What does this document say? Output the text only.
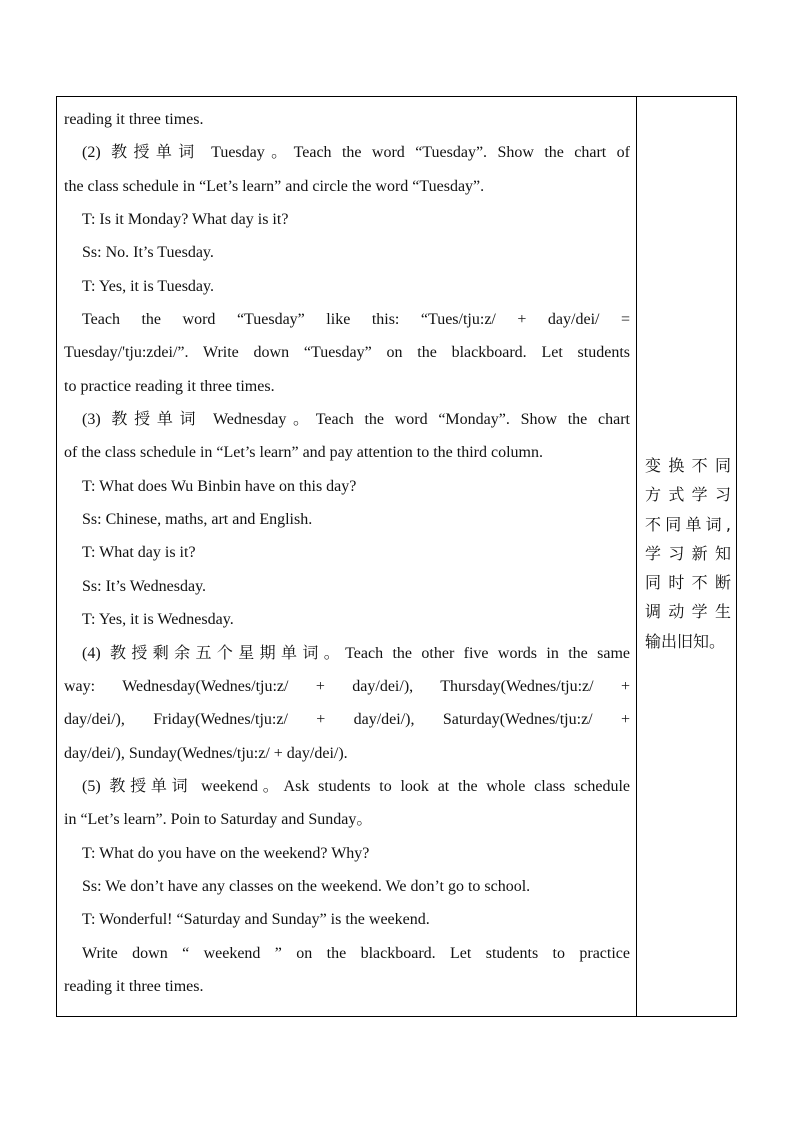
reading it three times.
(2) 教授单词 Tuesday。Teach the word “Tuesday”. Show the chart of
the class schedule in “Let’s learn” and circle the word “Tuesday”.
T: Is it Monday? What day is it?
Ss: No. It’s Tuesday.
T: Yes, it is Tuesday.
Teach the word “Tuesday” like this: “Tues/tju:z/ + day/dei/ =
Tuesday/'tju:zdei/”. Write down “Tuesday” on the blackboard. Let students
to practice reading it three times.
(3) 教授单词 Wednesday。Teach the word “Monday”. Show the chart
of the class schedule in “Let’s learn” and pay attention to the third column.
T: What does Wu Binbin have on this day?
Ss: Chinese, maths, art and English.
T: What day is it?
Ss: It’s Wednesday.
T: Yes, it is Wednesday.
(4) 教授剩余五个星期单词。Teach the other five words in the same
way: Wednesday(Wednes/tju:z/ + day/dei/), Thursday(Wednes/tju:z/ +
day/dei/), Friday(Wednes/tju:z/ + day/dei/), Saturday(Wednes/tju:z/ +
day/dei/), Sunday(Wednes/tju:z/ + day/dei/).
(5) 教授单词 weekend。Ask students to look at the whole class schedule
in “Let’s learn”. Poin to Saturday and Sunday。
T: What do you have on the weekend? Why?
Ss: We don’t have any classes on the weekend. We don’t go to school.
T: Wonderful! “Saturday and Sunday” is the weekend.
Write down “ weekend ” on the blackboard. Let students to practice
reading it three times.
变换不同
方式学习
不同单词,
学习新知
同时不断
调动学生
输出旧知。
